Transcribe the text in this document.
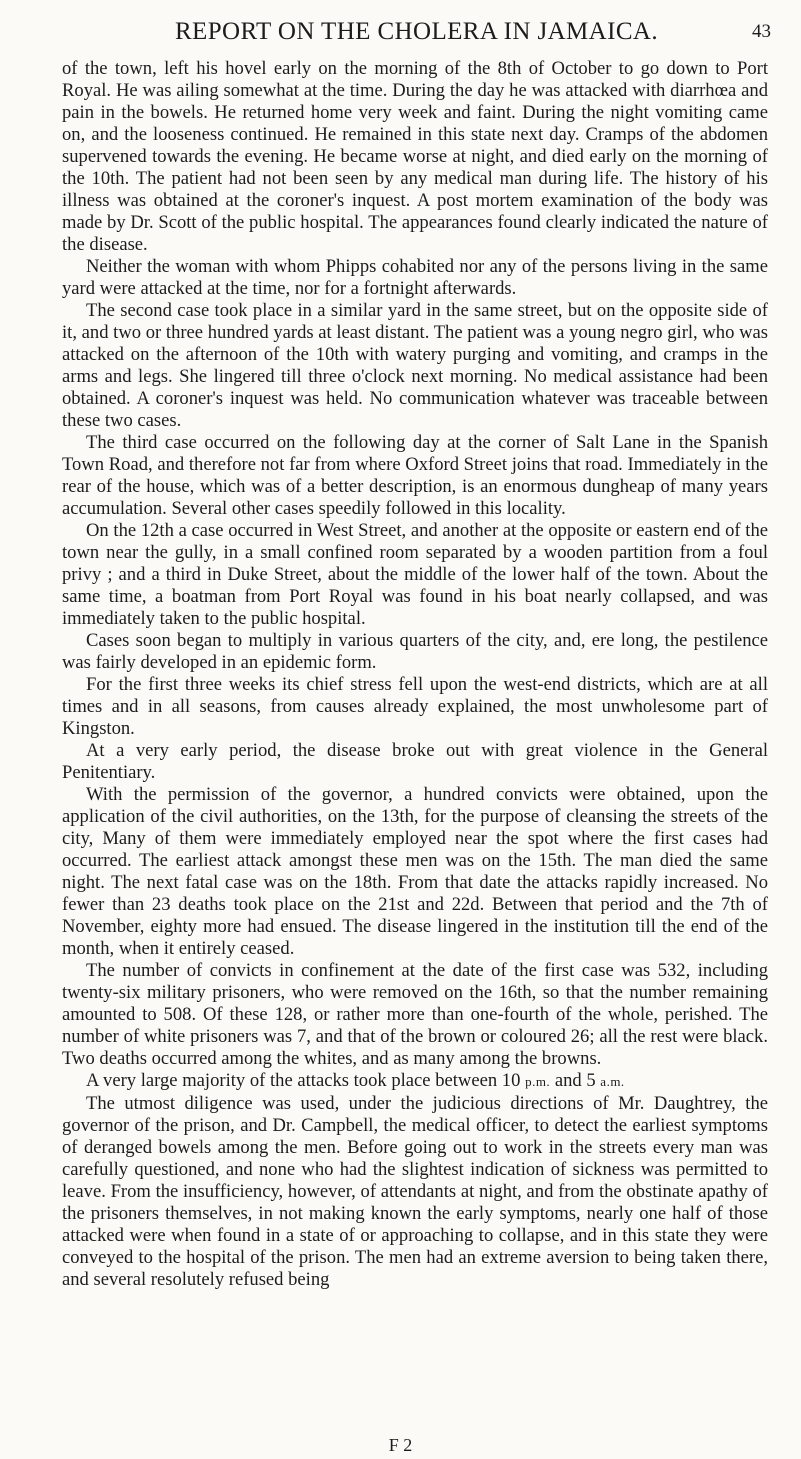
REPORT ON THE CHOLERA IN JAMAICA.	43

of the town, left his hovel early on the morning of the 8th of October to go down to Port Royal. He was ailing somewhat at the time. During the day he was attacked with diarrhœa and pain in the bowels. He returned home very week and faint. During the night vomiting came on, and the looseness continued. He remained in this state next day. Cramps of the abdomen supervened towards the evening. He became worse at night, and died early on the morning of the 10th. The patient had not been seen by any medical man during life. The history of his illness was obtained at the coroner's inquest. A post mortem examination of the body was made by Dr. Scott of the public hospital. The appearances found clearly indicated the nature of the disease.

Neither the woman with whom Phipps cohabited nor any of the persons living in the same yard were attacked at the time, nor for a fortnight afterwards.

The second case took place in a similar yard in the same street, but on the opposite side of it, and two or three hundred yards at least distant. The patient was a young negro girl, who was attacked on the afternoon of the 10th with watery purging and vomiting, and cramps in the arms and legs. She lingered till three o'clock next morning. No medical assistance had been obtained. A coroner's inquest was held. No communication whatever was traceable between these two cases.

The third case occurred on the following day at the corner of Salt Lane in the Spanish Town Road, and therefore not far from where Oxford Street joins that road. Immediately in the rear of the house, which was of a better description, is an enormous dungheap of many years accumulation. Several other cases speedily followed in this locality.

On the 12th a case occurred in West Street, and another at the opposite or eastern end of the town near the gully, in a small confined room separated by a wooden partition from a foul privy ; and a third in Duke Street, about the middle of the lower half of the town. About the same time, a boatman from Port Royal was found in his boat nearly collapsed, and was immediately taken to the public hospital.

Cases soon began to multiply in various quarters of the city, and, ere long, the pestilence was fairly developed in an epidemic form.

For the first three weeks its chief stress fell upon the west-end districts, which are at all times and in all seasons, from causes already explained, the most unwholesome part of Kingston.

At a very early period, the disease broke out with great violence in the General Penitentiary.

With the permission of the governor, a hundred convicts were obtained, upon the application of the civil authorities, on the 13th, for the purpose of cleansing the streets of the city, Many of them were immediately employed near the spot where the first cases had occurred. The earliest attack amongst these men was on the 15th. The man died the same night. The next fatal case was on the 18th. From that date the attacks rapidly increased. No fewer than 23 deaths took place on the 21st and 22d. Between that period and the 7th of November, eighty more had ensued. The disease lingered in the institution till the end of the month, when it entirely ceased.

The number of convicts in confinement at the date of the first case was 532, including twenty-six military prisoners, who were removed on the 16th, so that the number remaining amounted to 508. Of these 128, or rather more than one-fourth of the whole, perished. The number of white prisoners was 7, and that of the brown or coloured 26; all the rest were black. Two deaths occurred among the whites, and as many among the browns.

A very large majority of the attacks took place between 10 p.m. and 5 a.m.

The utmost diligence was used, under the judicious directions of Mr. Daughtrey, the governor of the prison, and Dr. Campbell, the medical officer, to detect the earliest symptoms of deranged bowels among the men. Before going out to work in the streets every man was carefully questioned, and none who had the slightest indication of sickness was permitted to leave. From the insufficiency, however, of attendants at night, and from the obstinate apathy of the prisoners themselves, in not making known the early symptoms, nearly one half of those attacked were when found in a state of or approaching to collapse, and in this state they were conveyed to the hospital of the prison. The men had an extreme aversion to being taken there, and several resolutely refused being

F 2
